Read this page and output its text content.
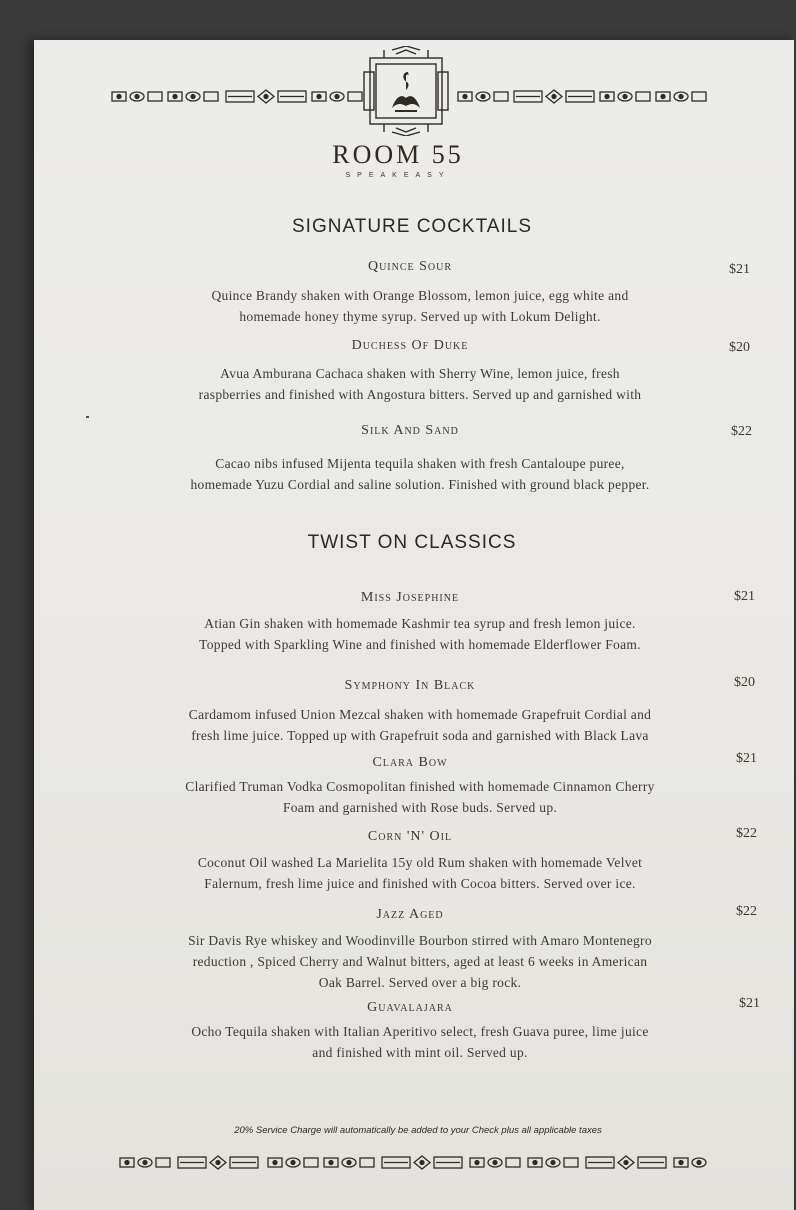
ROOM 55
SPEAKEASY
SIGNATURE COCKTAILS
Quince Sour	$21
Quince Brandy shaken with Orange Blossom, lemon juice, egg white and
homemade honey thyme syrup. Served up with Lokum Delight.
Duchess Of Duke	$20
Avua Amburana Cachaca shaken with Sherry Wine, lemon juice, fresh
raspberries and finished with Angostura bitters. Served up and garnished with
Silk And Sand	$22
Cacao nibs infused Mijenta tequila shaken with fresh Cantaloupe puree,
homemade Yuzu Cordial and saline solution. Finished with ground black pepper.
TWIST ON CLASSICS
Miss Josephine	$21
Atian Gin shaken with homemade Kashmir tea syrup and fresh lemon juice.
Topped with Sparkling Wine and finished with homemade Elderflower Foam.
Symphony In Black	$20
Cardamom infused Union Mezcal shaken with homemade Grapefruit Cordial and
fresh lime juice. Topped up with Grapefruit soda and garnished with Black Lava
Clara Bow	$21
Clarified Truman Vodka Cosmopolitan finished with homemade Cinnamon Cherry
Foam and garnished with Rose buds. Served up.
Corn 'N' Oil	$22
Coconut Oil washed La Marielita 15y old Rum shaken with homemade Velvet
Falernum, fresh lime juice and finished with Cocoa bitters. Served over ice.
Jazz Aged	$22
Sir Davis Rye whiskey and Woodinville Bourbon stirred with Amaro Montenegro
reduction , Spiced Cherry and Walnut bitters, aged at least 6 weeks in American
Oak Barrel. Served over a big rock.
Guavalajara	$21
Ocho Tequila shaken with Italian Aperitivo select, fresh Guava puree, lime juice
and finished with mint oil. Served up.
20% Service Charge will automatically be added to your Check plus all applicable taxes
